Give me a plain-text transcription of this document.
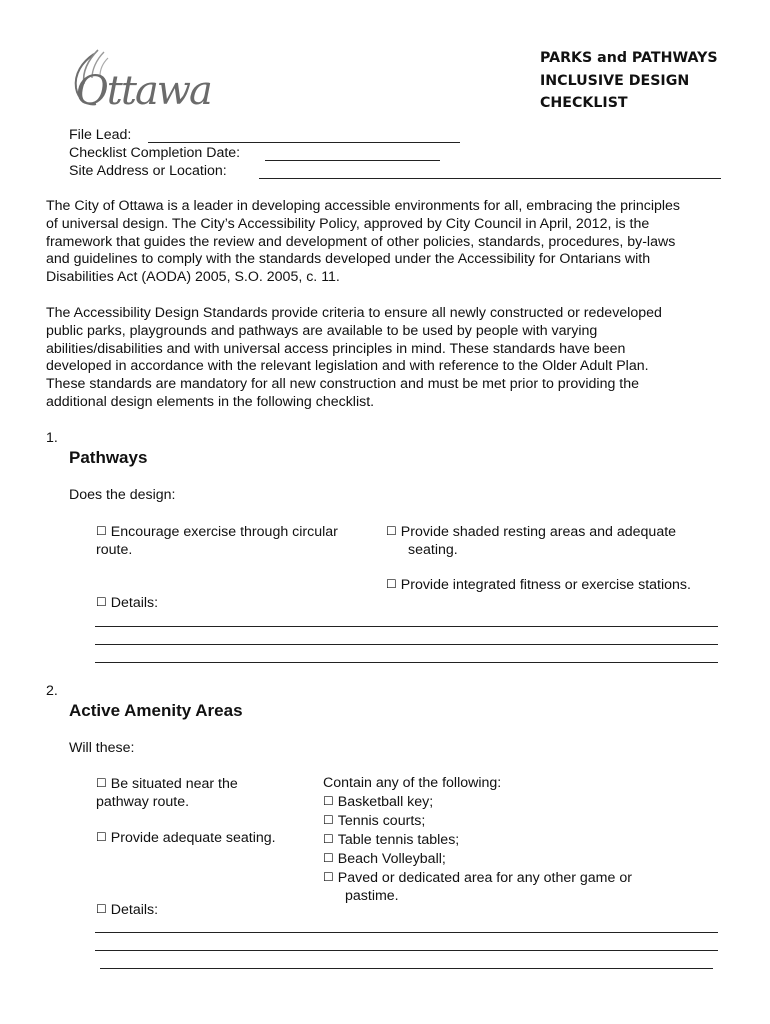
Ottawa
PARKS and PATHWAYS
INCLUSIVE DESIGN
CHECKLIST
File Lead:
Checklist Completion Date:
Site Address or Location:
The City of Ottawa is a leader in developing accessible environments for all, embracing the principles
of universal design. The City’s Accessibility Policy, approved by City Council in April, 2012, is the
framework that guides the review and development of other policies, standards, procedures, by-laws
and guidelines to comply with the standards developed under the Accessibility for Ontarians with
Disabilities Act (AODA) 2005, S.O. 2005, c. 11.
The Accessibility Design Standards provide criteria to ensure all newly constructed or redeveloped
public parks, playgrounds and pathways are available to be used by people with varying
abilities/disabilities and with universal access principles in mind. These standards have been
developed in accordance with the relevant legislation and with reference to the Older Adult Plan.
These standards are mandatory for all new construction and must be met prior to providing the
additional design elements in the following checklist.
1.
Pathways
Does the design:
☐ Encourage exercise through circular
route.
☐ Provide shaded resting areas and adequate
seating.
☐ Provide integrated fitness or exercise stations.
☐ Details:
2.
Active Amenity Areas
Will these:
☐ Be situated near the
pathway route.
☐ Provide adequate seating.
Contain any of the following:
☐ Basketball key;
☐ Tennis courts;
☐ Table tennis tables;
☐ Beach Volleyball;
☐ Paved or dedicated area for any other game or
pastime.
☐ Details:
